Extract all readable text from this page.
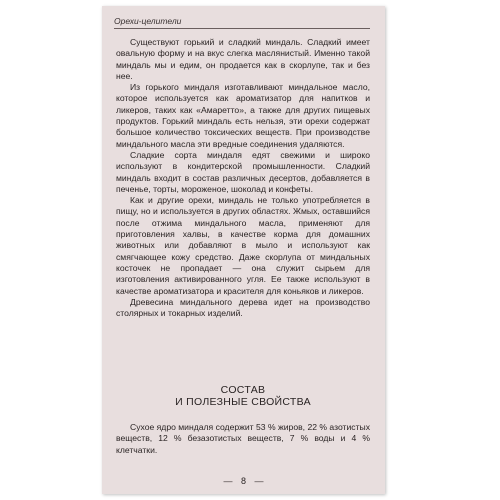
Орехи-целители

Существуют горький и сладкий миндаль. Сладкий имеет овальную форму и на вкус слегка маслянистый. Именно такой миндаль мы и едим, он продается как в скорлупе, так и без нее.

Из горького миндаля изготавливают миндальное масло, которое используется как ароматизатор для напитков и ликеров, таких как «Амаретто», а также для других пищевых продуктов. Горький миндаль есть нельзя, эти орехи содержат большое количество токсических веществ. При производстве миндального масла эти вредные соединения удаляются.

Сладкие сорта миндаля едят свежими и широко используют в кондитерской промышленности. Сладкий миндаль входит в состав различных десертов, добавляется в печенье, торты, мороженое, шоколад и конфеты.

Как и другие орехи, миндаль не только употребляется в пищу, но и используется в других областях. Жмых, оставшийся после отжима миндального масла, применяют для приготовления халвы, в качестве корма для домашних животных или добавляют в мыло и используют как смягчающее кожу средство. Даже скорлупа от миндальных косточек не пропадает — она служит сырьем для изготовления активированного угля. Ее также используют в качестве ароматизатора и красителя для коньяков и ликеров.

Древесина миндального дерева идет на производство столярных и токарных изделий.

СОСТАВ
И ПОЛЕЗНЫЕ СВОЙСТВА

Сухое ядро миндаля содержит 53 % жиров, 22 % азотистых веществ, 12 % безазотистых веществ, 7 % воды и 4 % клетчатки.

— 8 —
